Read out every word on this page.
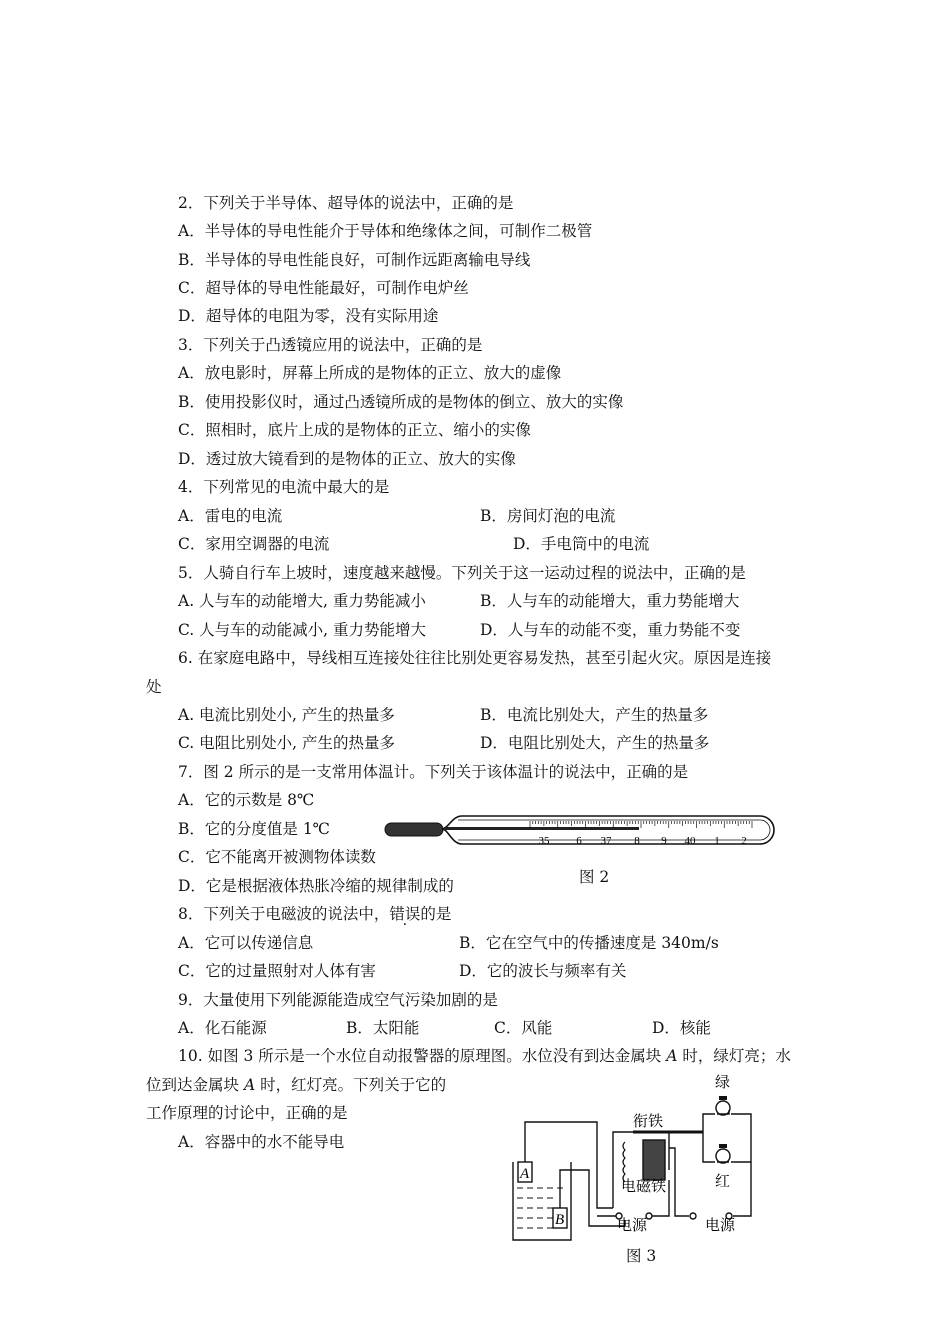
2．下列关于半导体、超导体的说法中，正确的是
A．半导体的导电性能介于导体和绝缘体之间，可制作二极管
B．半导体的导电性能良好，可制作远距离输电导线
C．超导体的导电性能最好，可制作电炉丝
D．超导体的电阻为零，没有实际用途
3．下列关于凸透镜应用的说法中，正确的是
A．放电影时，屏幕上所成的是物体的正立、放大的虚像
B．使用投影仪时，通过凸透镜所成的是物体的倒立、放大的实像
C．照相时，底片上成的是物体的正立、缩小的实像
D．透过放大镜看到的是物体的正立、放大的实像
4．下列常见的电流中最大的是
A．雷电的电流	B．房间灯泡的电流
C．家用空调器的电流	D．手电筒中的电流
5．人骑自行车上坡时，速度越来越慢。下列关于这一运动过程的说法中，正确的是
A. 人与车的动能增大, 重力势能减小	B．人与车的动能增大，重力势能增大
C. 人与车的动能减小, 重力势能增大	D．人与车的动能不变，重力势能不变
6. 在家庭电路中，导线相互连接处往往比别处更容易发热，甚至引起火灾。原因是连接
处
A. 电流比别处小, 产生的热量多	B．电流比别处大，产生的热量多
C. 电阻比别处小, 产生的热量多	D．电阻比别处大，产生的热量多
7．图 2 所示的是一支常用体温计。下列关于该体温计的说法中，正确的是
A．它的示数是 8℃
B．它的分度值是 1℃
C．它不能离开被测物体读数
D．它是根据液体热胀冷缩的规律制成的
35 6 37 8 9 40 1 2
图 2
8．下列关于电磁波的说法中，错误的是
A．它可以传递信息	B．它在空气中的传播速度是 340m/s
C．它的过量照射对人体有害	D．它的波长与频率有关
9．大量使用下列能源能造成空气污染加剧的是
A．化石能源	B．太阳能	C．风能	D．核能
10. 如图 3 所示是一个水位自动报警器的原理图。水位没有到达金属块 A 时，绿灯亮；水
位到达金属块 A 时，红灯亮。下列关于它的
工作原理的讨论中，正确的是
A．容器中的水不能导电
A
B
绿
红
衔铁
电磁铁
电源	电源
图 3
